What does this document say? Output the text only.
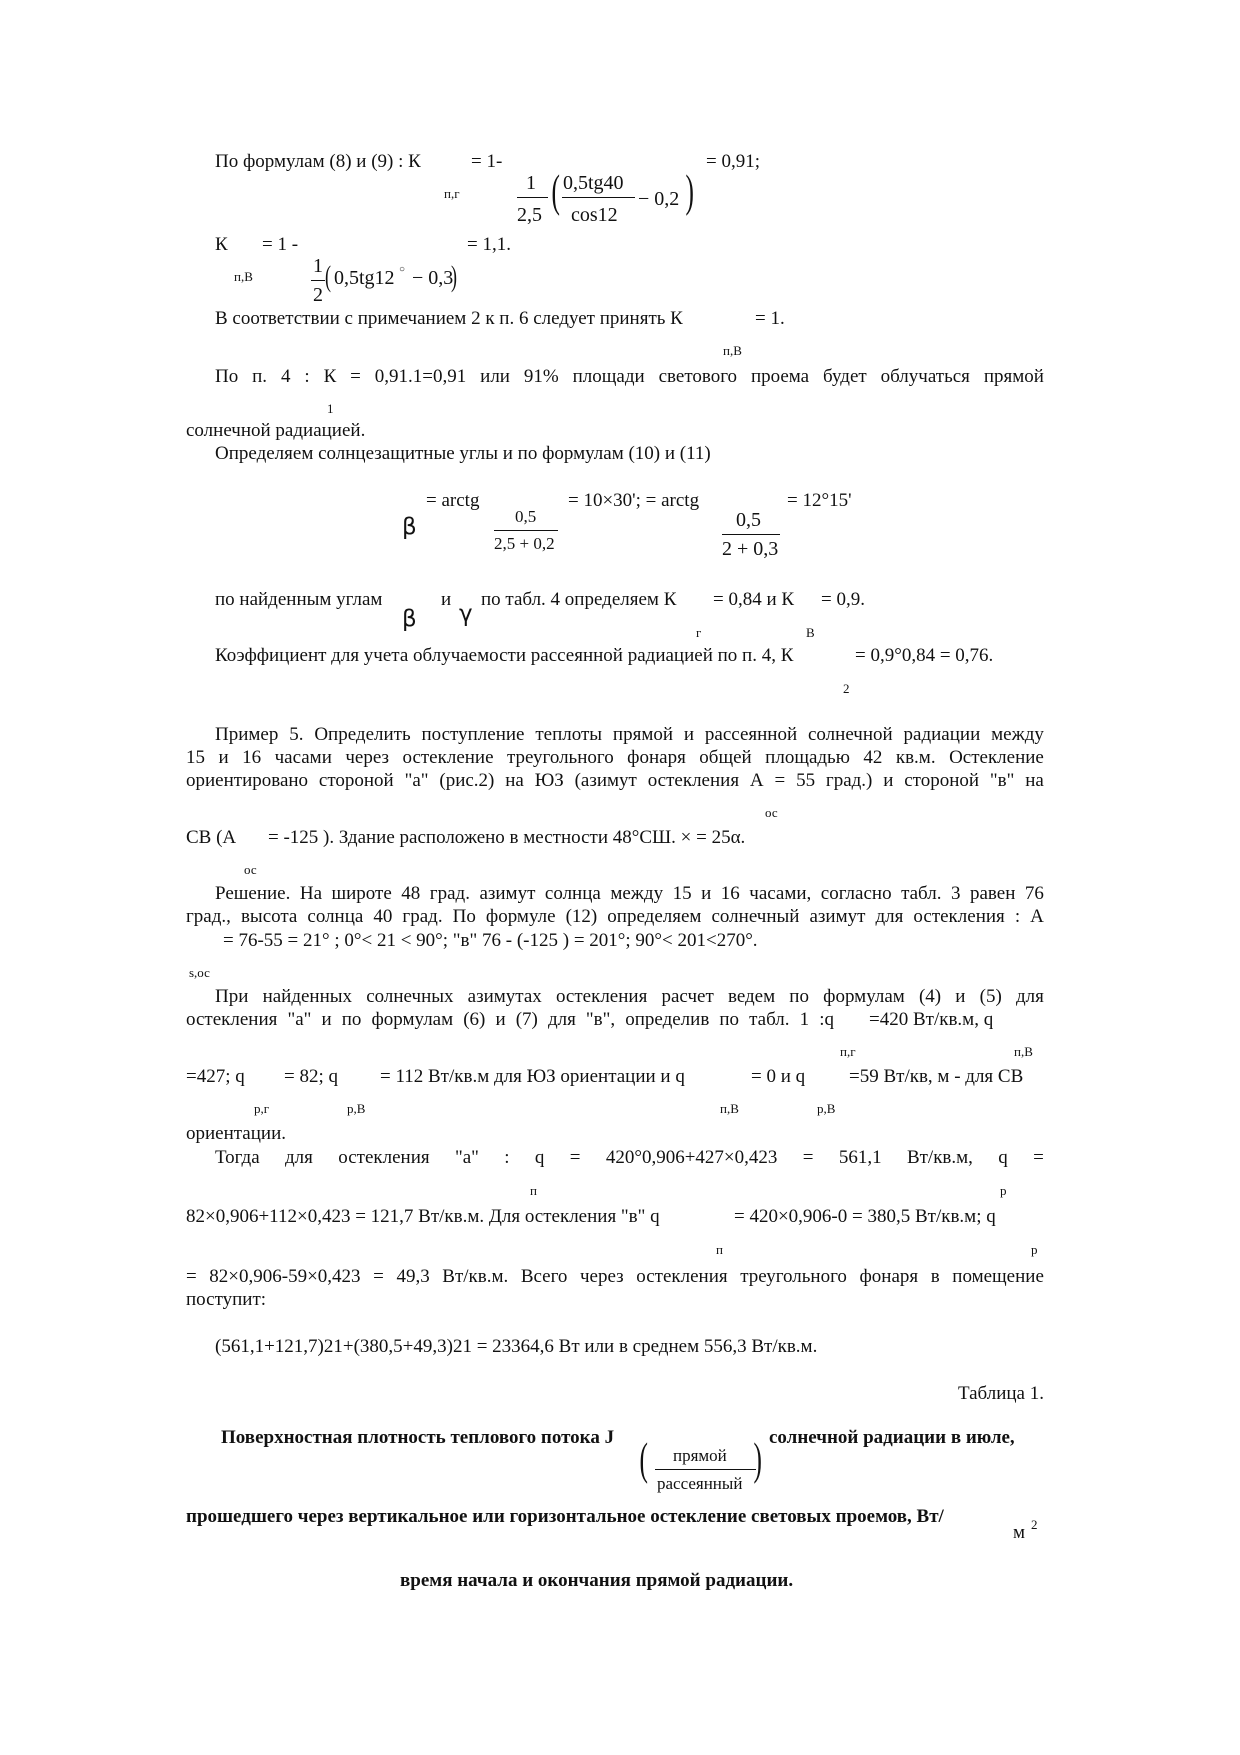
По формулам (8) и (9) : К	= 1-	= 0,91;
п,г	1
2,5 ( 0,5tg40
cos12
− 0,2 )
К = 1 -	= 1,1.
п,В	1
2
( 0,5tg12 ○ − 0,3
)
В соответствии с примечанием 2 к п. 6 следует принять К	= 1.
п,В
По п. 4 : К = 0,91.1=0,91 или 91% площади светового проема будет облучаться прямой
1
солнечной радиацией.
Определяем солнцезащитные углы и по формулам (10) и (11)
β
= arctg
0,5
2,5 + 0,2
= 10×30'; = arctg
0,5
2 + 0,3
= 12°15'
по найденным углам
β
и
γ
по табл. 4 определяем К = 0,84 и К = 0,9.
г	В
Коэффициент для учета облучаемости рассеянной радиацией по п. 4, К	= 0,9°0,84 = 0,76.
2
Пример 5. Определить поступление теплоты прямой и рассеянной солнечной радиации между
15 и 16 часами через остекление треугольного фонаря общей площадью 42 кв.м. Остекление
ориентировано стороной "а" (рис.2) на ЮЗ (азимут остекления А = 55 град.) и стороной "в" на
ос
СВ (А = -125 ). Здание расположено в местности 48°СШ. × = 25α.
ос
Решение. На широте 48 град. азимут солнца между 15 и 16 часами, согласно табл. 3 равен 76
град., высота солнца 40 град. По формуле (12) определяем солнечный азимут для остекления : А
= 76-55 = 21° ; 0°< 21 < 90°; "в" 76 - (-125 ) = 201°; 90°< 201<270°.
s,ос
При найденных солнечных азимутах остекления расчет ведем по формулам (4) и (5) для
остекления "а" и по формулам (6) и (7) для "в", определив по табл. 1 :q =420 Вт/кв.м, q
п,г	п,В
=427; q = 82; q = 112 Вт/кв.м для ЮЗ ориентации и q	= 0 и q =59 Вт/кв, м - для СВ
р,г	р,В	п,В	р,В
ориентации.
Тогда для остекления "а" : q = 420°0,906+427×0,423 = 561,1 Вт/кв.м, q =
п	р
82×0,906+112×0,423 = 121,7 Вт/кв.м. Для остекления "в" q	= 420×0,906-0 = 380,5 Вт/кв.м; q
п	р
= 82×0,906-59×0,423 = 49,3 Вт/кв.м. Всего через остекления треугольного фонаря в помещение
поступит:
(561,1+121,7)21+(380,5+49,3)21 = 23364,6 Вт или в среднем 556,3 Вт/кв.м.
Таблица 1.
Поверхностная плотность теплового потока J ( прямой
рассеянный ) солнечной радиации в июле,
прошедшего через вертикальное или горизонтальное остекление световых проемов, Вт/
м 2
время начала и окончания прямой радиации.
